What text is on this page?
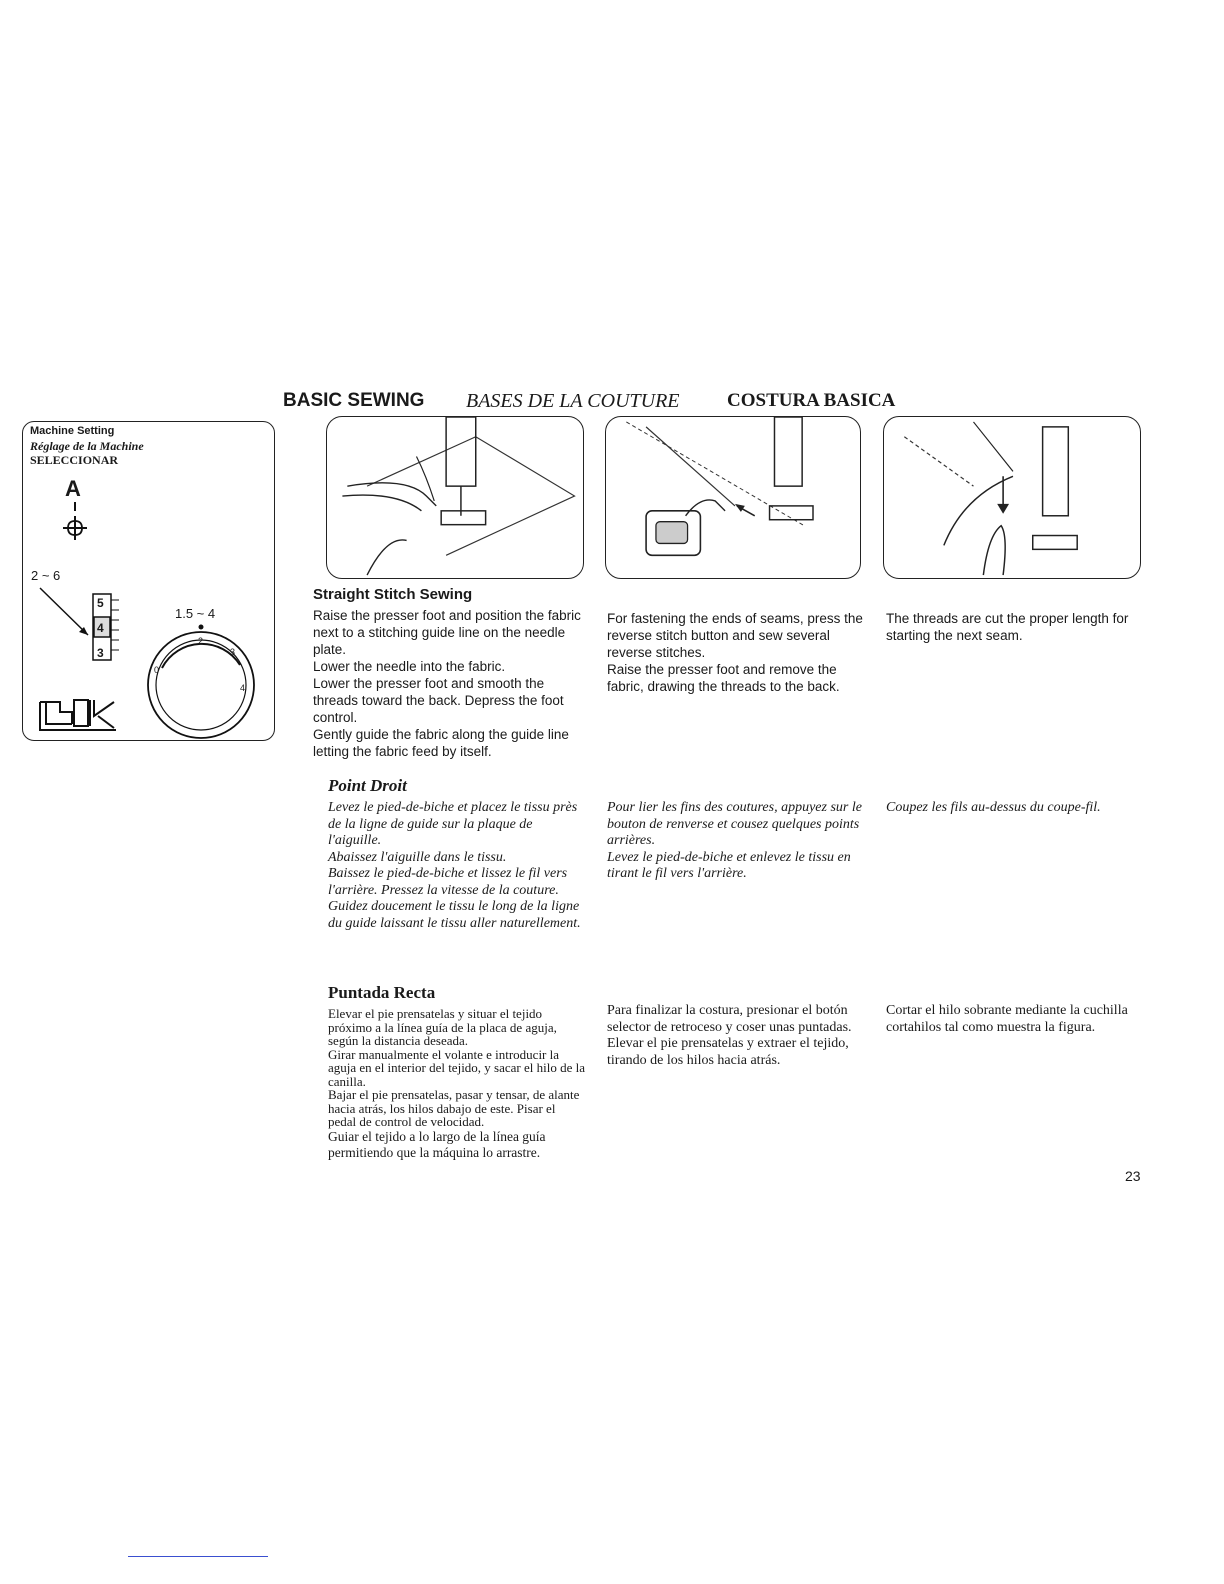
BASIC SEWING BASES DE LA COUTURE COSTURA BASICA
Machine Setting
Réglage de la Machine
SELECCIONAR
A
2 ~ 6
1.5 ~ 4
5
4
3
0
2
3
4
Straight Stitch Sewing

Raise the presser foot and position the fabric next to a stitching guide line on the needle plate.

Lower the needle into the fabric.

Lower the presser foot and smooth the threads toward the back. Depress the foot control.

Gently guide the fabric along the guide line letting the fabric feed by itself.

Point Droit

Levez le pied-de-biche et placez le tissu près de la ligne de guide sur la plaque de l'aiguille.

Abaissez l'aiguille dans le tissu.

Baissez le pied-de-biche et lissez le fil vers l'arrière. Pressez la vitesse de la couture.

Guidez doucement le tissu le long de la ligne du guide laissant le tissu aller naturellement.

Puntada Recta

Elevar el pie prensatelas y situar el tejido próximo a la línea guía de la placa de aguja, según la distancia deseada.

Girar manualmente el volante e introducir la aguja en el interior del tejido, y sacar el hilo de la canilla.

Bajar el pie prensatelas, pasar y tensar, de alante hacia atrás, los hilos dabajo de este. Pisar el pedal de control de velocidad.

Guiar el tejido a lo largo de la línea guía permitiendo que la máquina lo arrastre.

For fastening the ends of seams, press the reverse stitch button and sew several reverse stitches.

Raise the presser foot and remove the fabric, drawing the threads to the back.

Pour lier les fins des coutures, appuyez sur le bouton de renverse et cousez quelques points arrières.

Levez le pied-de-biche et enlevez le tissu en tirant le fil vers l'arrière.

Para finalizar la costura, presionar el botón selector de retroceso y coser unas puntadas.

Elevar el pie prensatelas y extraer el tejido, tirando de los hilos hacia atrás.

The threads are cut the proper length for starting the next seam.

Coupez les fils au-dessus du coupe-fil.

Cortar el hilo sobrante mediante la cuchilla cortahilos tal como muestra la figura.

23
